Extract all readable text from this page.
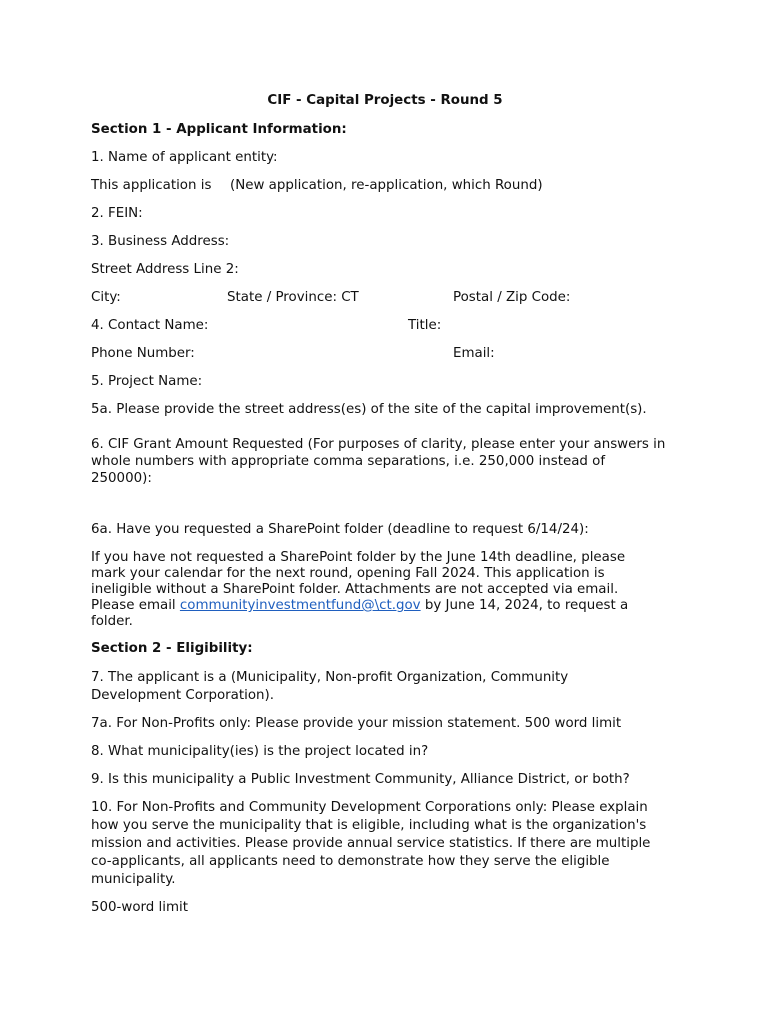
CIF - Capital Projects - Round 5
Section 1 - Applicant Information:
1. Name of applicant entity:
This application is (New application, re-application, which Round)
2. FEIN:
3. Business Address:
Street Address Line 2:
City:	State / Province: CT	Postal / Zip Code:
4. Contact Name:	Title:
Phone Number:	Email:
5. Project Name:
5a. Please provide the street address(es) of the site of the capital improvement(s).
6. CIF Grant Amount Requested (For purposes of clarity, please enter your answers in
whole numbers with appropriate comma separations, i.e. 250,000 instead of
250000):
6a. Have you requested a SharePoint folder (deadline to request 6/14/24):
If you have not requested a SharePoint folder by the June 14th deadline, please
mark your calendar for the next round, opening Fall 2024. This application is
ineligible without a SharePoint folder. Attachments are not accepted via email.
Please email communityinvestmentfund@\ct.gov by June 14, 2024, to request a
folder.
Section 2 - Eligibility:
7. The applicant is a (Municipality, Non-profit Organization, Community
Development Corporation).
7a. For Non-Profits only: Please provide your mission statement. 500 word limit
8. What municipality(ies) is the project located in?
9. Is this municipality a Public Investment Community, Alliance District, or both?
10. For Non-Profits and Community Development Corporations only: Please explain
how you serve the municipality that is eligible, including what is the organization's
mission and activities. Please provide annual service statistics. If there are multiple
co-applicants, all applicants need to demonstrate how they serve the eligible
municipality.
500-word limit
